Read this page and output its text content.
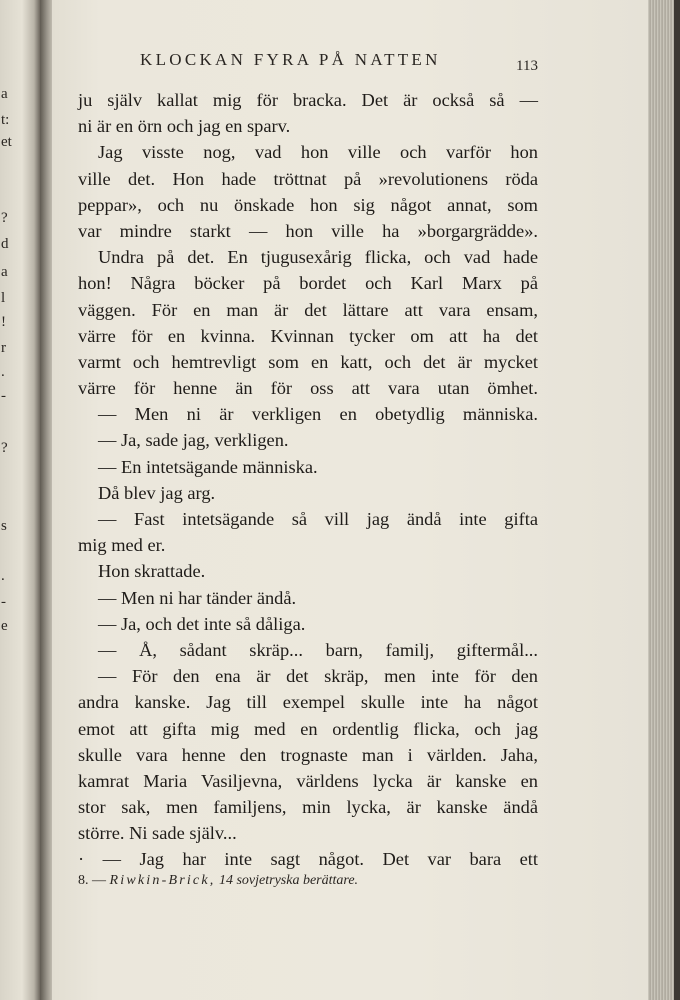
a
t:
et
?
d
a
l
!
r
.
-
?
s
.
-
e
KLOCKAN FYRA PÅ NATTEN	113
ju själv kallat mig för bracka. Det är också så —
ni är en örn och jag en sparv.
Jag visste nog, vad hon ville och varför hon
ville det. Hon hade tröttnat på »revolutionens röda
peppar», och nu önskade hon sig något annat, som
var mindre starkt — hon ville ha »borgargrädde».
Undra på det. En tjugusexårig flicka, och vad hade
hon! Några böcker på bordet och Karl Marx på
väggen. För en man är det lättare att vara ensam,
värre för en kvinna. Kvinnan tycker om att ha det
varmt och hemtrevligt som en katt, och det är mycket
värre för henne än för oss att vara utan ömhet.
— Men ni är verkligen en obetydlig människa.
— Ja, sade jag, verkligen.
— En intetsägande människa.
Då blev jag arg.
— Fast intetsägande så vill jag ändå inte gifta
mig med er.
Hon skrattade.
— Men ni har tänder ändå.
— Ja, och det inte så dåliga.
— Å, sådant skräp... barn, familj, giftermål...
— För den ena är det skräp, men inte för den
andra kanske. Jag till exempel skulle inte ha något
emot att gifta mig med en ordentlig flicka, och jag
skulle vara henne den trognaste man i världen. Jaha,
kamrat Maria Vasiljevna, världens lycka är kanske en
stor sak, men familjens, min lycka, är kanske ändå
större. Ni sade själv...
· — Jag har inte sagt något. Det var bara ett
8. — Riwkin-Brick, 14 sovjetryska berättare.
